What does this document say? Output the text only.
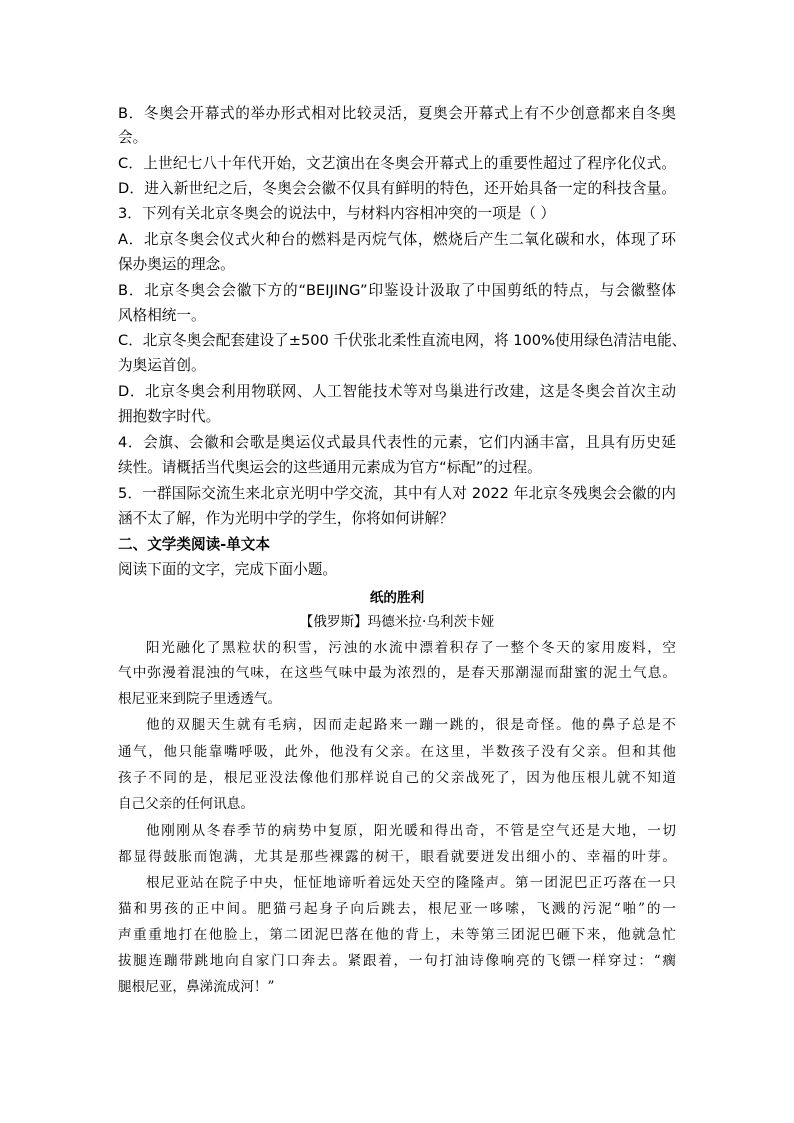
B．冬奥会开幕式的举办形式相对比较灵活，夏奥会开幕式上有不少创意都来自冬奥

会。

C．上世纪七八十年代开始，文艺演出在冬奥会开幕式上的重要性超过了程序化仪式。

D．进入新世纪之后，冬奥会会徽不仅具有鲜明的特色，还开始具备一定的科技含量。

3．下列有关北京冬奥会的说法中，与材料内容相冲突的一项是（ ）

A．北京冬奥会仪式火种台的燃料是丙烷气体，燃烧后产生二氧化碳和水，体现了环

保办奥运的理念。

B．北京冬奥会会徽下方的“BEIJING”印鉴设计汲取了中国剪纸的特点，与会徽整体

风格相统一。

C．北京冬奥会配套建设了±500 千伏张北柔性直流电网，将 100%使用绿色清洁电能、

为奥运首创。

D．北京冬奥会利用物联网、人工智能技术等对鸟巢进行改建，这是冬奥会首次主动

拥抱数字时代。

4．会旗、会徽和会歌是奥运仪式最具代表性的元素，它们内涵丰富，且具有历史延

续性。请概括当代奥运会的这些通用元素成为官方“标配”的过程。

5．一群国际交流生来北京光明中学交流，其中有人对 2022 年北京冬残奥会会徽的内

涵不太了解，作为光明中学的学生，你将如何讲解？

二、文学类阅读-单文本

阅读下面的文字，完成下面小题。

纸的胜利

【俄罗斯】玛德米拉·乌利茨卡娅

阳光融化了黑粒状的积雪，污浊的水流中漂着积存了一整个冬天的家用废料，空

气中弥漫着混浊的气味，在这些气味中最为浓烈的，是春天那潮湿而甜蜜的泥土气息。

根尼亚来到院子里透透气。

他的双腿天生就有毛病，因而走起路来一蹦一跳的，很是奇怪。他的鼻子总是不

通气，他只能靠嘴呼吸，此外，他没有父亲。在这里，半数孩子没有父亲。但和其他

孩子不同的是，根尼亚没法像他们那样说自己的父亲战死了，因为他压根儿就不知道

自己父亲的任何讯息。

他刚刚从冬春季节的病势中复原，阳光暖和得出奇，不管是空气还是大地，一切

都显得鼓胀而饱满，尤其是那些裸露的树干，眼看就要迸发出细小的、幸福的叶芽。

根尼亚站在院子中央，怔怔地谛听着远处天空的隆隆声。第一团泥巴正巧落在一只

猫和男孩的正中间。肥猫弓起身子向后跳去，根尼亚一哆嗦，飞溅的污泥“啪”的一

声重重地打在他脸上，第二团泥巴落在他的背上，未等第三团泥巴砸下来，他就急忙

拔腿连蹦带跳地向自家门口奔去。紧跟着，一句打油诗像响亮的飞镖一样穿过：“瘸

腿根尼亚，鼻涕流成河！”
